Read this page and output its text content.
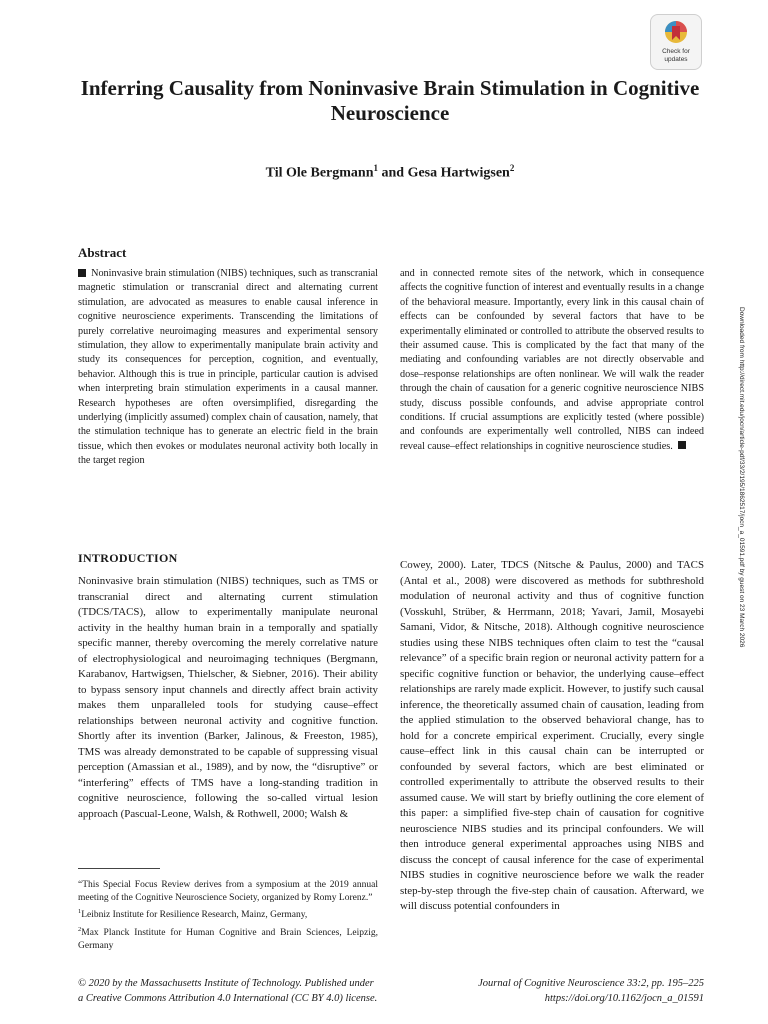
Check for
updates
Inferring Causality from Noninvasive Brain Stimulation in Cognitive Neuroscience
Til Ole Bergmann$^1$ and Gesa Hartwigsen$^2$
Abstract
Noninvasive brain stimulation (NIBS) techniques, such as transcranial magnetic stimulation or transcranial direct and alternating current stimulation, are advocated as measures to enable causal inference in cognitive neuroscience experiments. Transcending the limitations of purely correlative neuroimaging measures and experimental sensory stimulation, they allow to experimentally manipulate brain activity and study its consequences for perception, cognition, and eventually, behavior. Although this is true in principle, particular caution is advised when interpreting brain stimulation experiments in a causal manner. Research hypotheses are often oversimplified, disregarding the underlying (implicitly assumed) complex chain of causation, namely, that the stimulation technique has to generate an electric field in the brain tissue, which then evokes or modulates neuronal activity both locally in the target region
and in connected remote sites of the network, which in consequence affects the cognitive function of interest and eventually results in a change of the behavioral measure. Importantly, every link in this causal chain of effects can be confounded by several factors that have to be experimentally eliminated or controlled to attribute the observed results to their assumed cause. This is complicated by the fact that many of the mediating and confounding variables are not directly observable and dose–response relationships are often nonlinear. We will walk the reader through the chain of causation for a generic cognitive neuroscience NIBS study, discuss possible confounds, and advise appropriate control conditions. If crucial assumptions are explicitly tested (where possible) and confounds are experimentally well controlled, NIBS can indeed reveal cause–effect relationships in cognitive neuroscience studies.
INTRODUCTION
Noninvasive brain stimulation (NIBS) techniques, such as TMS or transcranial direct and alternating current stimulation (TDCS/TACS), allow to experimentally manipulate neuronal activity in the healthy human brain in a temporally and spatially specific manner, thereby overcoming the merely correlative nature of electrophysiological and neuroimaging techniques (Bergmann, Karabanov, Hartwigsen, Thielscher, & Siebner, 2016). Their ability to bypass sensory input channels and directly affect brain activity makes them unparalleled tools for studying cause–effect relationships between neuronal activity and cognitive function. Shortly after its invention (Barker, Jalinous, & Freeston, 1985), TMS was already demonstrated to be capable of suppressing visual perception (Amassian et al., 1989), and by now, the “disruptive” or “interfering” effects of TMS have a long-standing tradition in cognitive neuroscience, following the so-called virtual lesion approach (Pascual-Leone, Walsh, & Rothwell, 2000; Walsh &
Cowey, 2000). Later, TDCS (Nitsche & Paulus, 2000) and TACS (Antal et al., 2008) were discovered as methods for subthreshold modulation of neuronal activity and thus of cognitive function (Vosskuhl, Strüber, & Herrmann, 2018; Yavari, Jamil, Mosayebi Samani, Vidor, & Nitsche, 2018). Although cognitive neuroscience studies using these NIBS techniques often claim to test the “causal relevance” of a specific brain region or neuronal activity pattern for a specific cognitive function or behavior, the underlying cause–effect relationships are rarely made explicit. However, to justify such causal inference, the theoretically assumed chain of causation, leading from the applied stimulation to the observed behavioral change, has to hold for a concrete empirical experiment. Crucially, every single cause–effect link in this causal chain can be interrupted or confounded by several factors, which are best eliminated or controlled experimentally to attribute the observed results to their assumed cause. We will start by briefly outlining the core element of this paper: a simplified five-step chain of causation for cognitive neuroscience NIBS studies and its principal confounders. We will then introduce general experimental approaches using NIBS and discuss the concept of causal inference for the case of experimental NIBS studies in cognitive neuroscience before we walk the reader step-by-step through the five-step chain of causation. Afterward, we will discuss potential confounders in

“This Special Focus Review derives from a symposium at the 2019 annual meeting of the Cognitive Neuroscience Society, organized by Romy Lorenz.”

$^1$Leibniz Institute for Resilience Research, Mainz, Germany,

$^2$Max Planck Institute for Human Cognitive and Brain Sciences, Leipzig, Germany

© 2020 by the Massachusetts Institute of Technology. Published under
a Creative Commons Attribution 4.0 International (CC BY 4.0) license.
Journal of Cognitive Neuroscience 33:2, pp. 195–225
https://doi.org/10.1162/jocn_a_01591
Downloaded from http://direct.mit.edu/jocn/article-pdf/33/2/195/1862517/jocn_a_01591.pdf by guest on 23 March 2026
